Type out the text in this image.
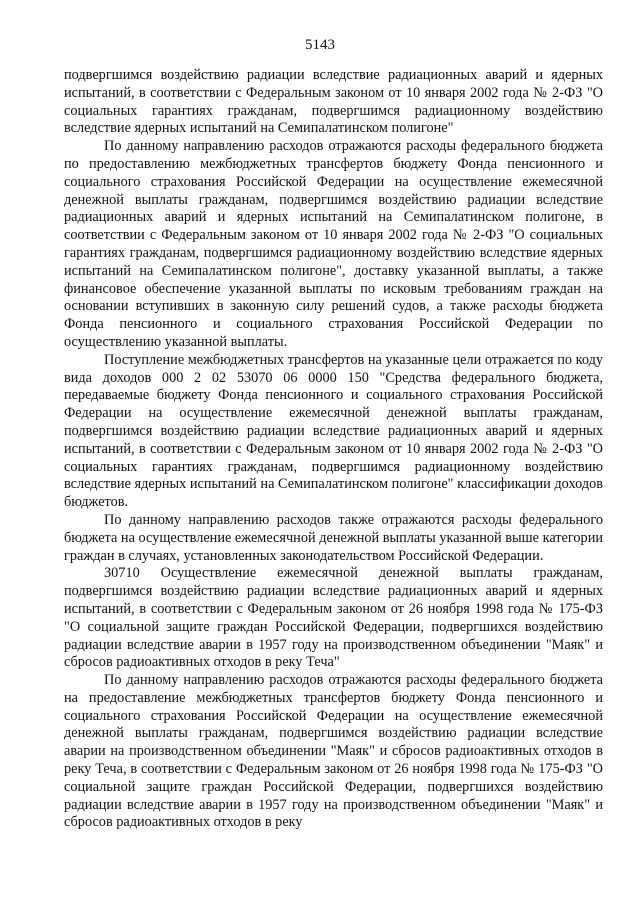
5143

подвергшимся воздействию радиации вследствие радиационных аварий и ядерных испытаний, в соответствии с Федеральным законом от 10 января 2002 года № 2-ФЗ "О социальных гарантиях гражданам, подвергшимся радиационному воздействию вследствие ядерных испытаний на Семипалатинском полигоне"

По данному направлению расходов отражаются расходы федерального бюджета по предоставлению межбюджетных трансфертов бюджету Фонда пенсионного и социального страхования Российской Федерации на осуществление ежемесячной денежной выплаты гражданам, подвергшимся воздействию радиации вследствие радиационных аварий и ядерных испытаний на Семипалатинском полигоне, в соответствии с Федеральным законом от 10 января 2002 года № 2-ФЗ "О социальных гарантиях гражданам, подвергшимся радиационному воздействию вследствие ядерных испытаний на Семипалатинском полигоне", доставку указанной выплаты, а также финансовое обеспечение указанной выплаты по исковым требованиям граждан на основании вступивших в законную силу решений судов, а также расходы бюджета Фонда пенсионного и социального страхования Российской Федерации по осуществлению указанной выплаты.

Поступление межбюджетных трансфертов на указанные цели отражается по коду вида доходов 000 2 02 53070 06 0000 150 "Средства федерального бюджета, передаваемые бюджету Фонда пенсионного и социального страхования Российской Федерации на осуществление ежемесячной денежной выплаты гражданам, подвергшимся воздействию радиации вследствие радиационных аварий и ядерных испытаний, в соответствии с Федеральным законом от 10 января 2002 года № 2-ФЗ "О социальных гарантиях гражданам, подвергшимся радиационному воздействию вследствие ядерных испытаний на Семипалатинском полигоне" классификации доходов бюджетов.

По данному направлению расходов также отражаются расходы федерального бюджета на осуществление ежемесячной денежной выплаты указанной выше категории граждан в случаях, установленных законодательством Российской Федерации.

30710 Осуществление ежемесячной денежной выплаты гражданам, подвергшимся воздействию радиации вследствие радиационных аварий и ядерных испытаний, в соответствии с Федеральным законом от 26 ноября 1998 года № 175-ФЗ "О социальной защите граждан Российской Федерации, подвергшихся воздействию радиации вследствие аварии в 1957 году на производственном объединении "Маяк" и сбросов радиоактивных отходов в реку Теча"

По данному направлению расходов отражаются расходы федерального бюджета на предоставление межбюджетных трансфертов бюджету Фонда пенсионного и социального страхования Российской Федерации на осуществление ежемесячной денежной выплаты гражданам, подвергшимся воздействию радиации вследствие аварии на производственном объединении "Маяк" и сбросов радиоактивных отходов в реку Теча, в соответствии с Федеральным законом от 26 ноября 1998 года № 175-ФЗ "О социальной защите граждан Российской Федерации, подвергшихся воздействию радиации вследствие аварии в 1957 году на производственном объединении "Маяк" и сбросов радиоактивных отходов в реку
